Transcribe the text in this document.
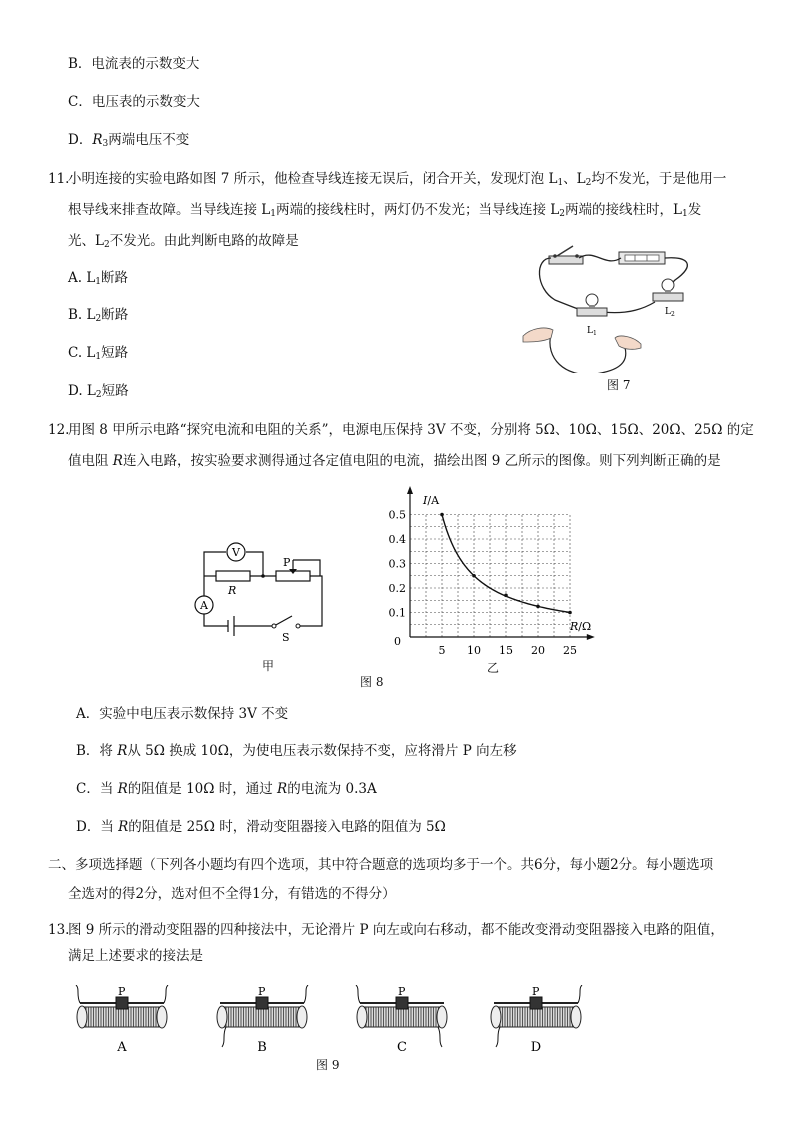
B．电流表的示数变大
C．电压表的示数变大
D．$R_3$两端电压不变
11.
小明连接的实验电路如图 7 所示，他检查导线连接无误后，闭合开关，发现灯泡 $L_1$、$L_2$均不发光，于是他用一
根导线来排查故障。当导线连接 $L_1$两端的接线柱时，两灯仍不发光；当导线连接 $L_2$两端的接线柱时，$L_1$发
光、$L_2$不发光。由此判断电路的故障是
A. $L_1$断路
B. $L_2$断路
C. $L_1$短路
D. $L_2$短路
$L_1$
$L_2$
图 7
12.
用图 8 甲所示电路“探究电流和电阻的关系”，电源电压保持 3V 不变，分别将 5Ω、10Ω、15Ω、20Ω、25Ω 的定
值电阻 R连入电路，按实验要求测得通过各定值电阻的电流，描绘出图 9 乙所示的图像。则下列判断正确的是
V
A
P
R
S
甲
5 10 15 20 25
0.1
0.2
0.3
0.4
0.5
0
I/A
R/Ω
乙
图 8
A．实验中电压表示数保持 3V 不变
B．将 R从 5Ω 换成 10Ω，为使电压表示数保持不变，应将滑片 P 向左移
C．当 R的阻值是 10Ω 时，通过 R的电流为 0.3A
D．当 R的阻值是 25Ω 时，滑动变阻器接入电路的阻值为 5Ω
二、多项选择题（下列各小题均有四个选项，其中符合题意的选项均多于一个。共6分，每小题2分。每小题选项
全选对的得2分，选对但不全得1分，有错选的不得分）
13.
图 9 所示的滑动变阻器的四种接法中，无论滑片 P 向左或向右移动，都不能改变滑动变阻器接入电路的阻值，
满足上述要求的接法是
P
A
P
B
P
C
P
D
图 9
